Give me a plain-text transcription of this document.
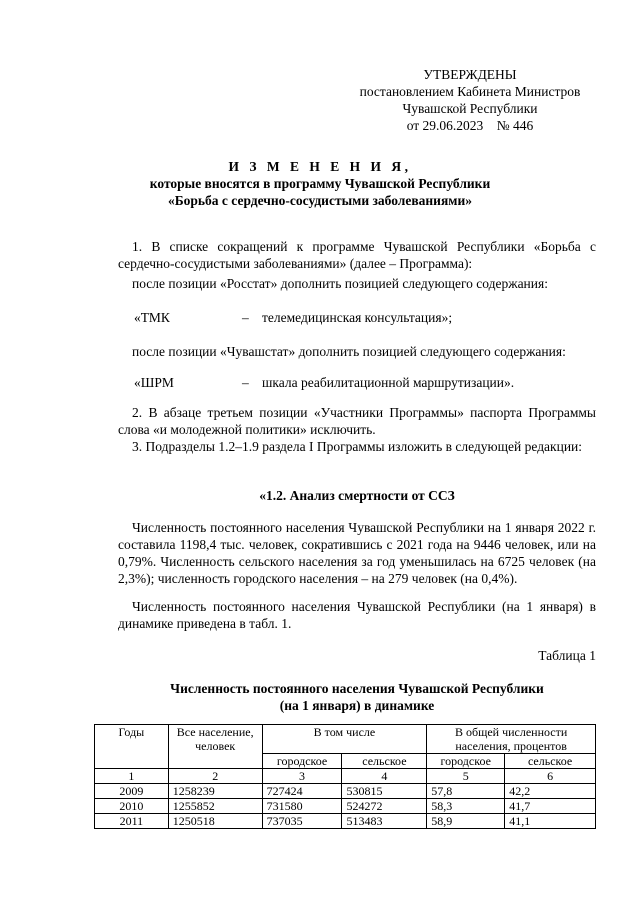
УТВЕРЖДЕНЫ
постановлением Кабинета Министров
Чувашской Республики
от 29.06.2023    № 446
И З М Е Н Е Н И Я,
которые вносятся в программу Чувашской Республики
«Борьба с сердечно-сосудистыми заболеваниями»
1. В списке сокращений к программе Чувашской Республики «Борьба с сердечно-сосудистыми заболеваниями» (далее – Программа):
после позиции «Росстат» дополнить позицией следующего содержания:
«ТМК	– телемедицинская консультация»;
после позиции «Чувашстат» дополнить позицией следующего содержания:
«ШРМ	– шкала реабилитационной маршрутизации».
2. В абзаце третьем позиции «Участники Программы» паспорта Программы слова «и молодежной политики» исключить.
3. Подразделы 1.2–1.9 раздела I Программы изложить в следующей редакции:
«1.2. Анализ смертности от ССЗ
Численность постоянного населения Чувашской Республики на 1 января 2022 г. составила 1198,4 тыс. человек, сократившись с 2021 года на 9446 человек, или на 0,79%. Численность сельского населения за год уменьшилась на 6725 человек (на 2,3%); численность городского населения – на 279 человек (на 0,4%).
Численность постоянного населения Чувашской Республики (на 1 января) в динамике приведена в табл. 1.
Таблица 1
Численность постоянного населения Чувашской Республики
(на 1 января) в динамике
Годы	Все население, человек	В том числе		В общей численности населения, процентов	
		городское	сельское	городское	сельское
1	2	3	4	5	6
2009	1258239	727424	530815	57,8	42,2
2010	1255852	731580	524272	58,3	41,7
2011	1250518	737035	513483	58,9	41,1
